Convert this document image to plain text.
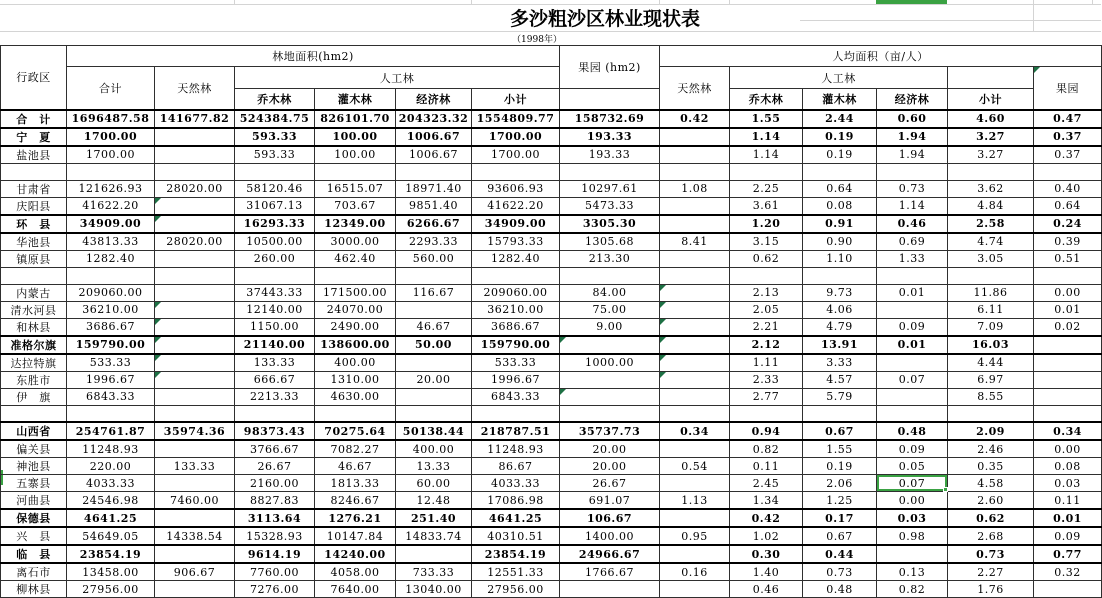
多沙粗沙区林业现状表
（1998年）
行政区	林地面积(hm2)						果园 (hm2)	人均面积（亩/人）					
	合计	天然林	人工林					天然林	人工林				果园
			乔木林	灌木林	经济林	小计			乔木林	灌木林	经济林	小计	
合　计	1696487.58	141677.82	524384.75	826101.70	204323.32	1554809.77	158732.69	0.42	1.55	2.44	0.60	4.60	0.47
宁　夏	1700.00		593.33	100.00	1006.67	1700.00	193.33		1.14	0.19	1.94	3.27	0.37
盐池县	1700.00		593.33	100.00	1006.67	1700.00	193.33		1.14	0.19	1.94	3.27	0.37

甘肃省	121626.93	28020.00	58120.46	16515.07	18971.40	93606.93	10297.61	1.08	2.25	0.64	0.73	3.62	0.40
庆阳县	41622.20		31067.13	703.67	9851.40	41622.20	5473.33		3.61	0.08	1.14	4.84	0.64
环　县	34909.00		16293.33	12349.00	6266.67	34909.00	3305.30		1.20	0.91	0.46	2.58	0.24
华池县	43813.33	28020.00	10500.00	3000.00	2293.33	15793.33	1305.68	8.41	3.15	0.90	0.69	4.74	0.39
镇原县	1282.40		260.00	462.40	560.00	1282.40	213.30		0.62	1.10	1.33	3.05	0.51

内蒙古	209060.00		37443.33	171500.00	116.67	209060.00	84.00		2.13	9.73	0.01	11.86	0.00
清水河县	36210.00		12140.00	24070.00		36210.00	75.00		2.05	4.06		6.11	0.01
和林县	3686.67		1150.00	2490.00	46.67	3686.67	9.00		2.21	4.79	0.09	7.09	0.02
准格尔旗	159790.00		21140.00	138600.00	50.00	159790.00			2.12	13.91	0.01	16.03	
达拉特旗	533.33		133.33	400.00		533.33	1000.00		1.11	3.33		4.44	
东胜市	1996.67		666.67	1310.00	20.00	1996.67			2.33	4.57	0.07	6.97	
伊　旗	6843.33		2213.33	4630.00		6843.33			2.77	5.79		8.55	

山西省	254761.87	35974.36	98373.43	70275.64	50138.44	218787.51	35737.73	0.34	0.94	0.67	0.48	2.09	0.34
偏关县	11248.93		3766.67	7082.27	400.00	11248.93	20.00		0.82	1.55	0.09	2.46	0.00
神池县	220.00	133.33	26.67	46.67	13.33	86.67	20.00	0.54	0.11	0.19	0.05	0.35	0.08
五寨县	4033.33		2160.00	1813.33	60.00	4033.33	26.67		2.45	2.06	0.07	4.58	0.03
河曲县	24546.98	7460.00	8827.83	8246.67	12.48	17086.98	691.07	1.13	1.34	1.25	0.00	2.60	0.11
保德县	4641.25		3113.64	1276.21	251.40	4641.25	106.67		0.42	0.17	0.03	0.62	0.01
兴　县	54649.05	14338.54	15328.93	10147.84	14833.74	40310.51	1400.00	0.95	1.02	0.67	0.98	2.68	0.09
临　县	23854.19		9614.19	14240.00		23854.19	24966.67		0.30	0.44		0.73	0.77
离石市	13458.00	906.67	7760.00	4058.00	733.33	12551.33	1766.67	0.16	1.40	0.73	0.13	2.27	0.32
柳林县	27956.00		7276.00	7640.00	13040.00	27956.00			0.46	0.48	0.82	1.76	
